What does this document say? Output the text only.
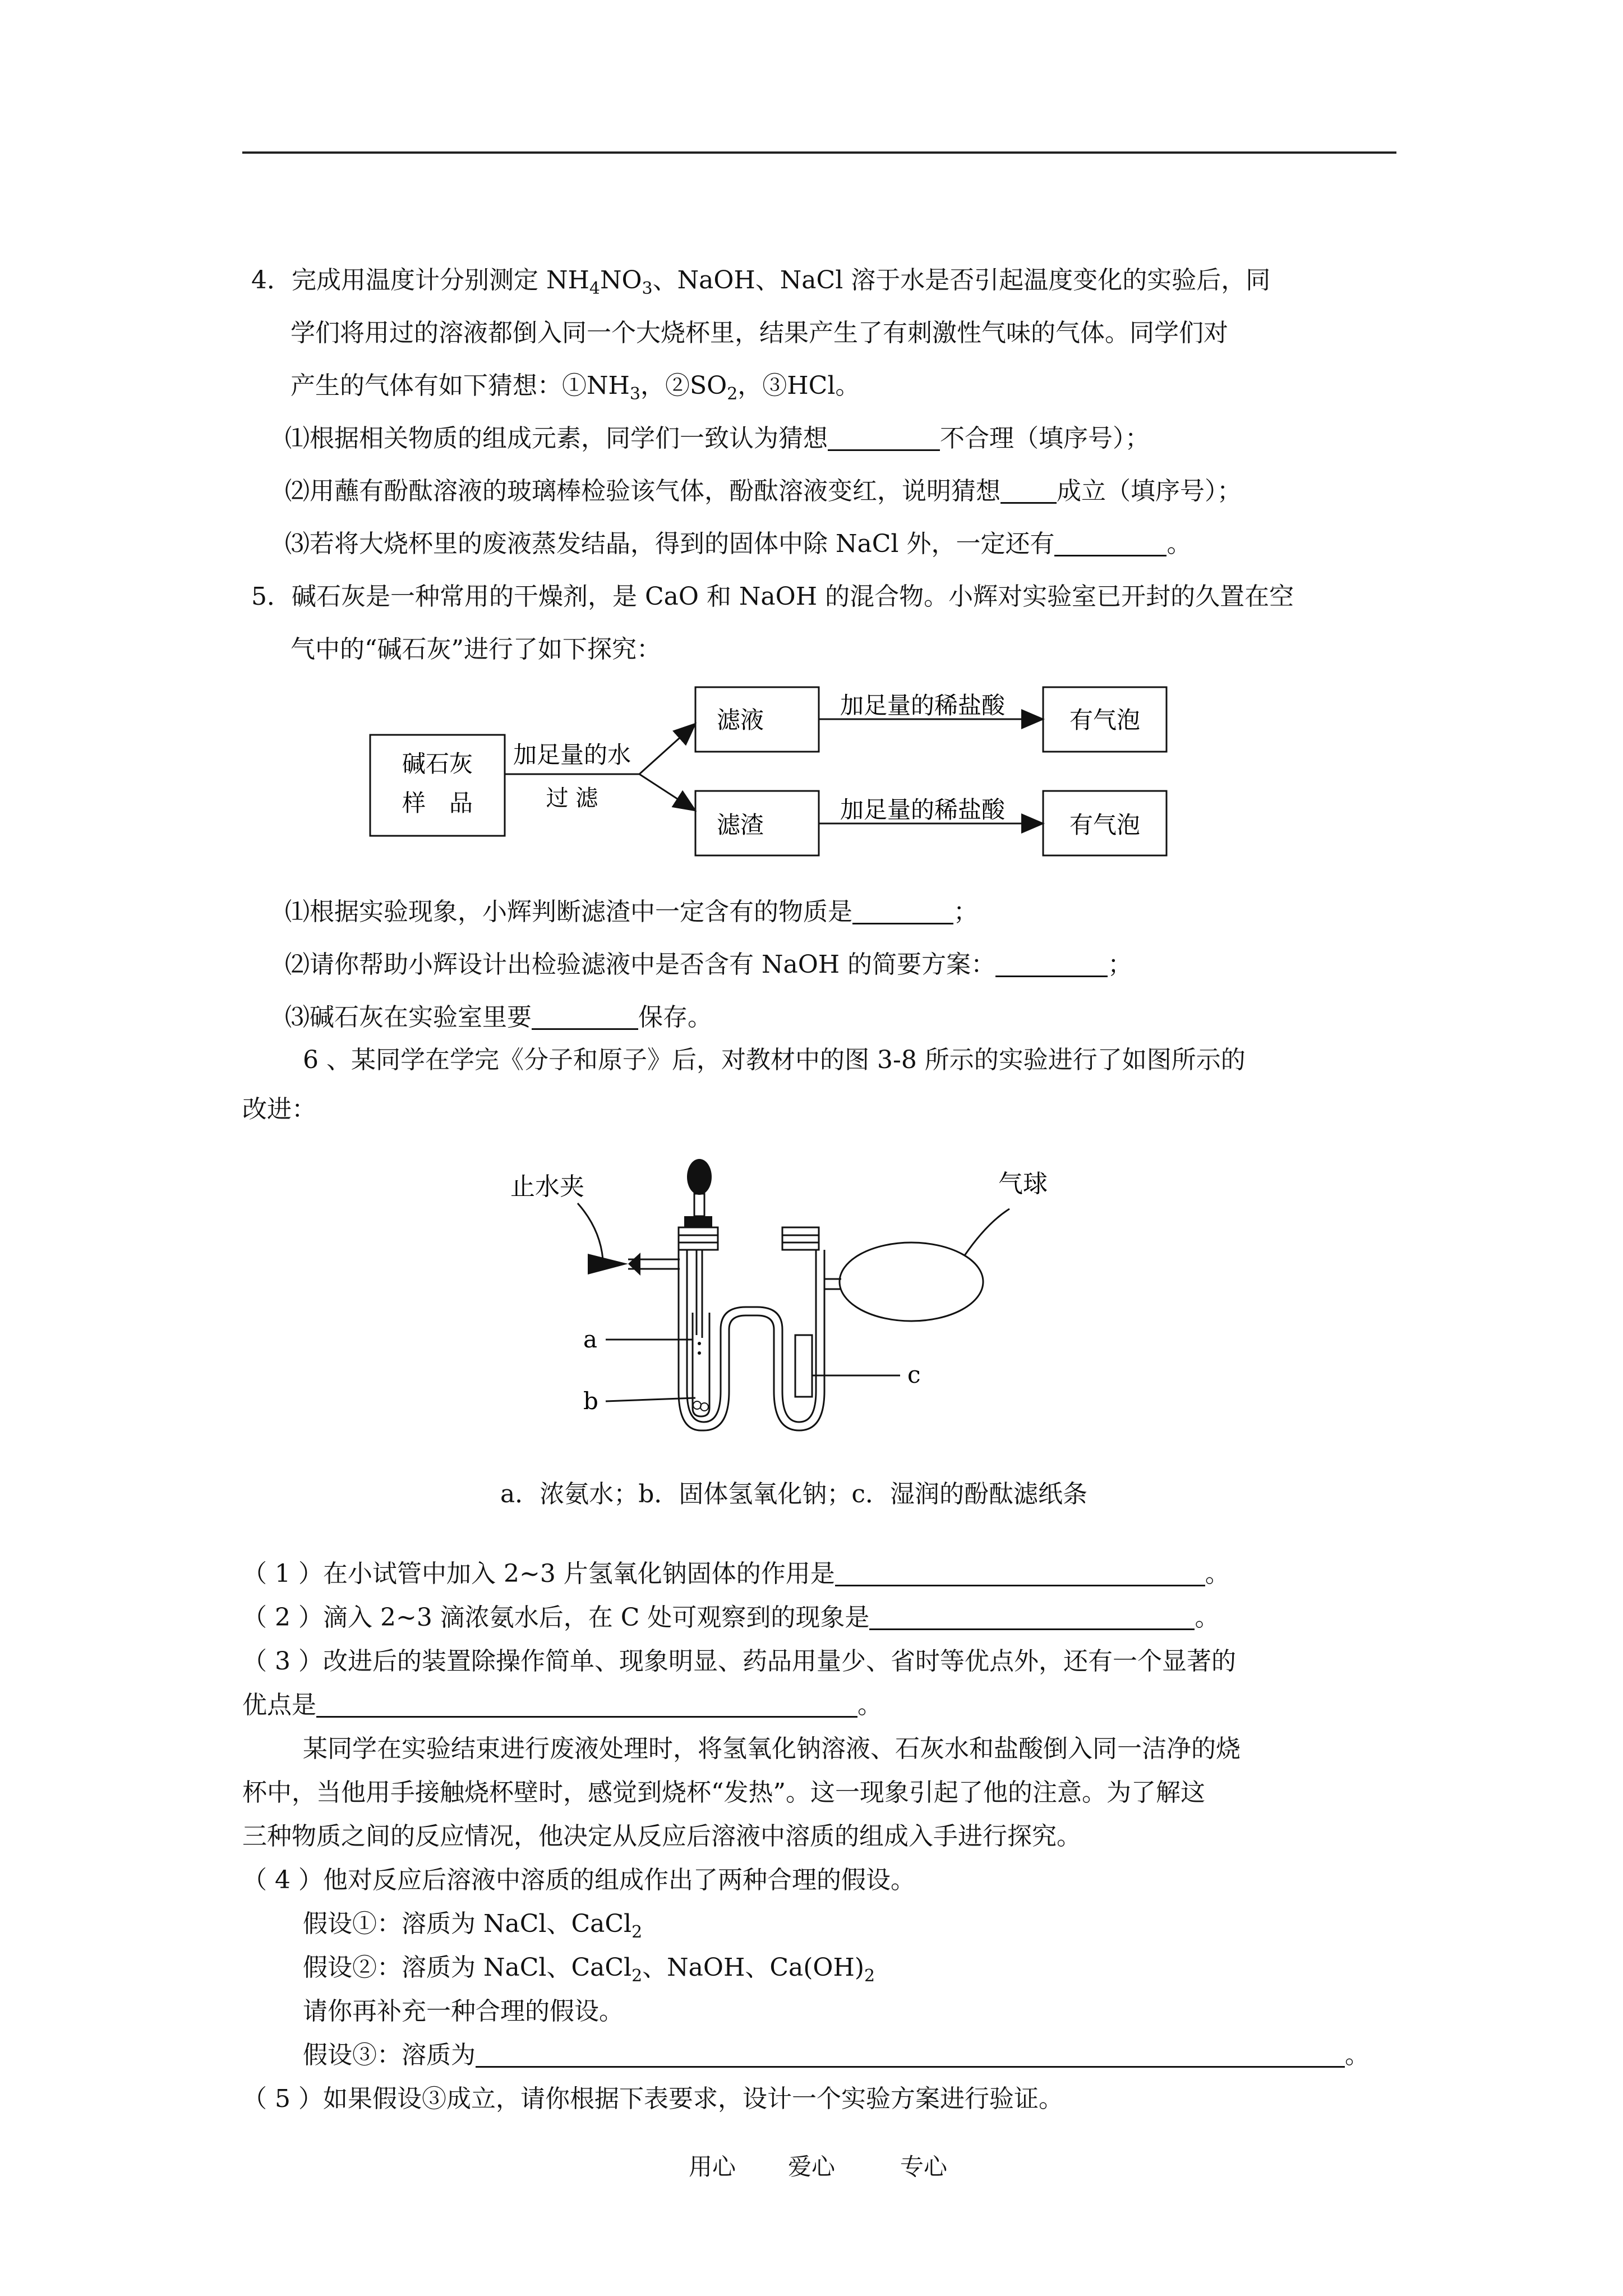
4．完成用温度计分别测定 $NH_4NO_3$、NaOH、NaCl 溶于水是否引起温度变化的实验后，同
学们将用过的溶液都倒入同一个大烧杯里，结果产生了有刺激性气味的气体。同学们对
产生的气体有如下猜想：$①NH_3$，$②SO_2$，③HCl。
⑴根据相关物质的组成元素，同学们一致认为猜想	不合理（填序号）；
⑵用蘸有酚酞溶液的玻璃棒检验该气体，酚酞溶液变红，说明猜想 成立（填序号）；
⑶若将大烧杯里的废液蒸发结晶，得到的固体中除 NaCl 外，一定还有	。
5．碱石灰是一种常用的干燥剂，是 CaO 和 NaOH 的混合物。小辉对实验室已开封的久置在空
气中的“碱石灰”进行了如下探究：
碱石灰
样　品
加足量的水
过 滤
滤液
加足量的稀盐酸
有气泡
滤渣
加足量的稀盐酸
有气泡
⑴根据实验现象，小辉判断滤渣中一定含有的物质是	；
⑵请你帮助小辉设计出检验滤液中是否含有 NaOH 的简要方案：	；
⑶碱石灰在实验室里要	保存。
6 、某同学在学完《分子和原子》后，对教材中的图 3-8 所示的实验进行了如图所示的
改进：
止水夹	气球
a
b
c
a．浓氨水；b．固体氢氧化钠；c．湿润的酚酞滤纸条
（ 1 ）在小试管中加入 2~3 片氢氧化钠固体的作用是	。
（ 2 ）滴入 2~3 滴浓氨水后，在 C 处可观察到的现象是	。
（ 3 ）改进后的装置除操作简单、现象明显、药品用量少、省时等优点外，还有一个显著的
优点是	。
某同学在实验结束进行废液处理时，将氢氧化钠溶液、石灰水和盐酸倒入同一洁净的烧
杯中，当他用手接触烧杯壁时，感觉到烧杯“发热”。这一现象引起了他的注意。为了解这
三种物质之间的反应情况，他决定从反应后溶液中溶质的组成入手进行探究。
（ 4 ）他对反应后溶液中溶质的组成作出了两种合理的假设。
假设①：溶质为 NaCl、CaCl$_2$
假设②：溶质为 NaCl、CaCl$_2$、NaOH、$Ca(OH)_2$
请你再补充一种合理的假设。
假设③：溶质为	。
（ 5 ）如果假设③成立，请你根据下表要求，设计一个实验方案进行验证。
用心 爱心	专心
